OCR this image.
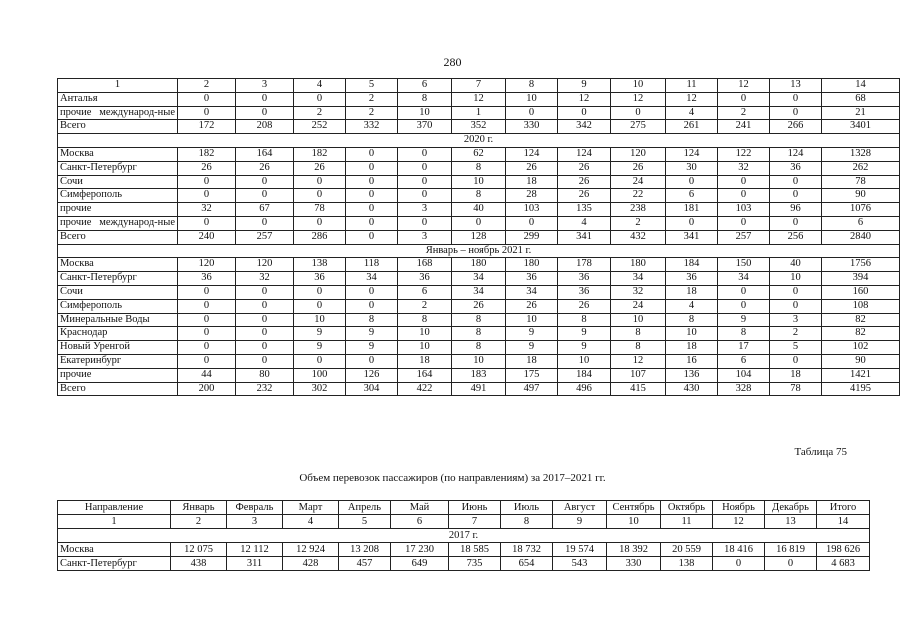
280
1	2	3	4	5	6	7	8	9	10	11	12	13	14
Анталья	0	0	0	2	8	12	10	12	12	12	0	0	68
прочие международ-ные	0	0	2	2	10	1	0	0	0	4	2	0	21
Всего	172	208	252	332	370	352	330	342	275	261	241	266	3401
2020 г.													
Москва	182	164	182	0	0	62	124	124	120	124	122	124	1328
Санкт-Петербург	26	26	26	0	0	8	26	26	26	30	32	36	262
Сочи	0	0	0	0	0	10	18	26	24	0	0	0	78
Симферополь	0	0	0	0	0	8	28	26	22	6	0	0	90
прочие	32	67	78	0	3	40	103	135	238	181	103	96	1076
прочие международ-ные	0	0	0	0	0	0	0	4	2	0	0	0	6
Всего	240	257	286	0	3	128	299	341	432	341	257	256	2840
Январь – ноябрь 2021 г.													
Москва	120	120	138	118	168	180	180	178	180	184	150	40	1756
Санкт-Петербург	36	32	36	34	36	34	36	36	34	36	34	10	394
Сочи	0	0	0	0	6	34	34	36	32	18	0	0	160
Симферополь	0	0	0	0	2	26	26	26	24	4	0	0	108
Минеральные Воды	0	0	10	8	8	8	10	8	10	8	9	3	82
Краснодар	0	0	9	9	10	8	9	9	8	10	8	2	82
Новый Уренгой	0	0	9	9	10	8	9	9	8	18	17	5	102
Екатеринбург	0	0	0	0	18	10	18	10	12	16	6	0	90
прочие	44	80	100	126	164	183	175	184	107	136	104	18	1421
Всего	200	232	302	304	422	491	497	496	415	430	328	78	4195
Таблица 75
Объем перевозок пассажиров (по направлениям) за 2017–2021 гг.
Направление	Январь	Февраль	Март	Апрель	Май	Июнь	Июль	Август	Сентябрь	Октябрь	Ноябрь	Декабрь	Итого
1	2	3	4	5	6	7	8	9	10	11	12	13	14
2017 г.													
Москва	12 075	12 112	12 924	13 208	17 230	18 585	18 732	19 574	18 392	20 559	18 416	16 819	198 626
Санкт-Петербург	438	311	428	457	649	735	654	543	330	138	0	0	4 683
